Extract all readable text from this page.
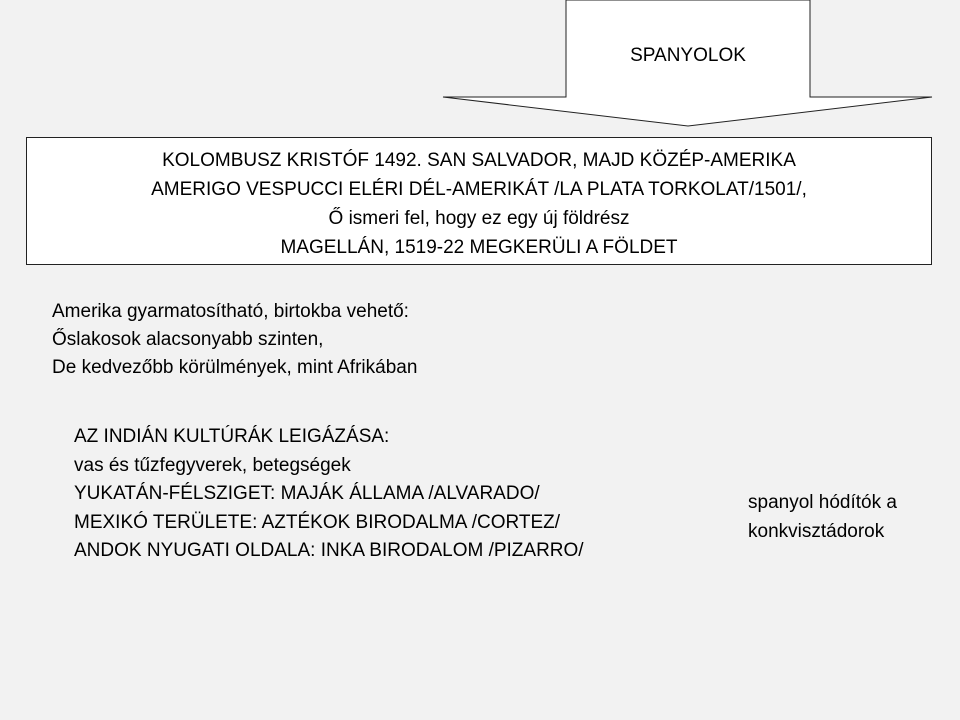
SPANYOLOK
KOLOMBUSZ KRISTÓF 1492. SAN SALVADOR, MAJD KÖZÉP-AMERIKA
AMERIGO VESPUCCI ELÉRI DÉL-AMERIKÁT /LA PLATA TORKOLAT/1501/,
Ő ismeri fel, hogy ez egy új földrész
MAGELLÁN, 1519-22 MEGKERÜLI A FÖLDET
Amerika gyarmatosítható, birtokba vehető:
Őslakosok alacsonyabb szinten,
De kedvezőbb körülmények, mint Afrikában
AZ INDIÁN KULTÚRÁK LEIGÁZÁSA:
vas és tűzfegyverek, betegségek
YUKATÁN-FÉLSZIGET: MAJÁK ÁLLAMA /ALVARADO/
MEXIKÓ TERÜLETE: AZTÉKOK BIRODALMA /CORTEZ/
ANDOK NYUGATI OLDALA: INKA BIRODALOM /PIZARRO/
spanyol hódítók a
konkvisztádorok
